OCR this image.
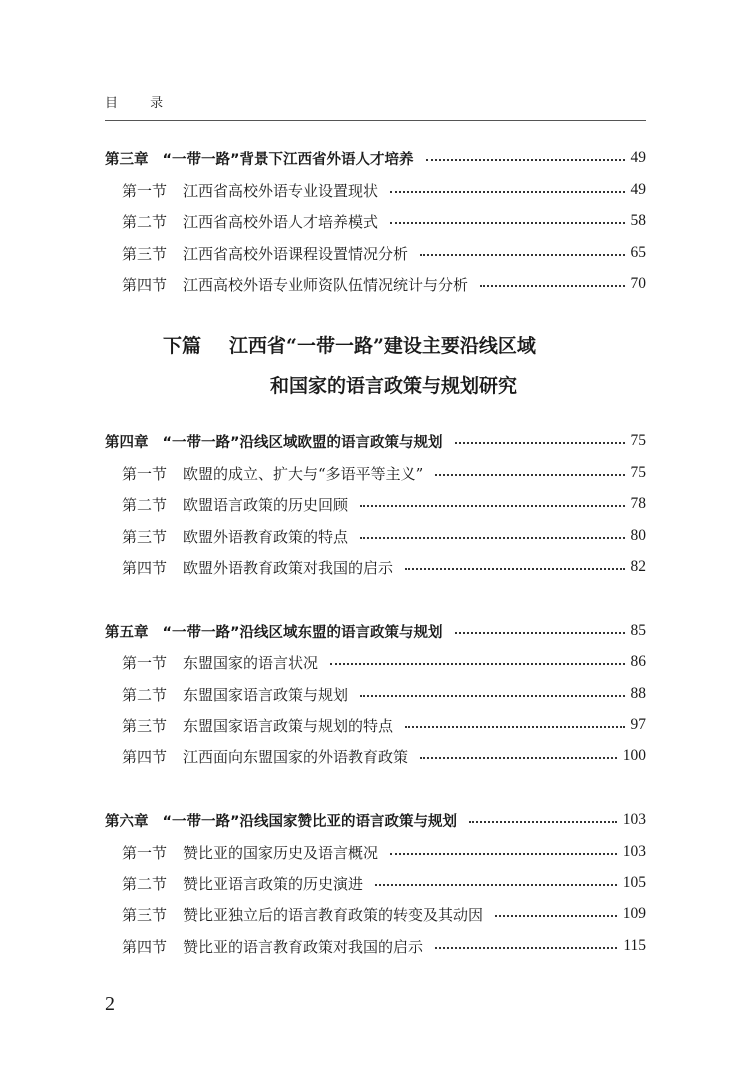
目 录
第三章 “一带一路”背景下江西省外语人才培养	49
第一节 江西省高校外语专业设置现状	49
第二节 江西省高校外语人才培养模式	58
第三节 江西省高校外语课程设置情况分析	65
第四节 江西高校外语专业师资队伍情况统计与分析	70
下篇 江西省“一带一路”建设主要沿线区域
和国家的语言政策与规划研究
第四章 “一带一路”沿线区域欧盟的语言政策与规划	75
第一节 欧盟的成立、扩大与“多语平等主义”	75
第二节 欧盟语言政策的历史回顾	78
第三节 欧盟外语教育政策的特点	80
第四节 欧盟外语教育政策对我国的启示	82
第五章 “一带一路”沿线区域东盟的语言政策与规划	85
第一节 东盟国家的语言状况	86
第二节 东盟国家语言政策与规划	88
第三节 东盟国家语言政策与规划的特点	97
第四节 江西面向东盟国家的外语教育政策	100
第六章 “一带一路”沿线国家赞比亚的语言政策与规划	103
第一节 赞比亚的国家历史及语言概况	103
第二节 赞比亚语言政策的历史演进	105
第三节 赞比亚独立后的语言教育政策的转变及其动因	109
第四节 赞比亚的语言教育政策对我国的启示	115
2
